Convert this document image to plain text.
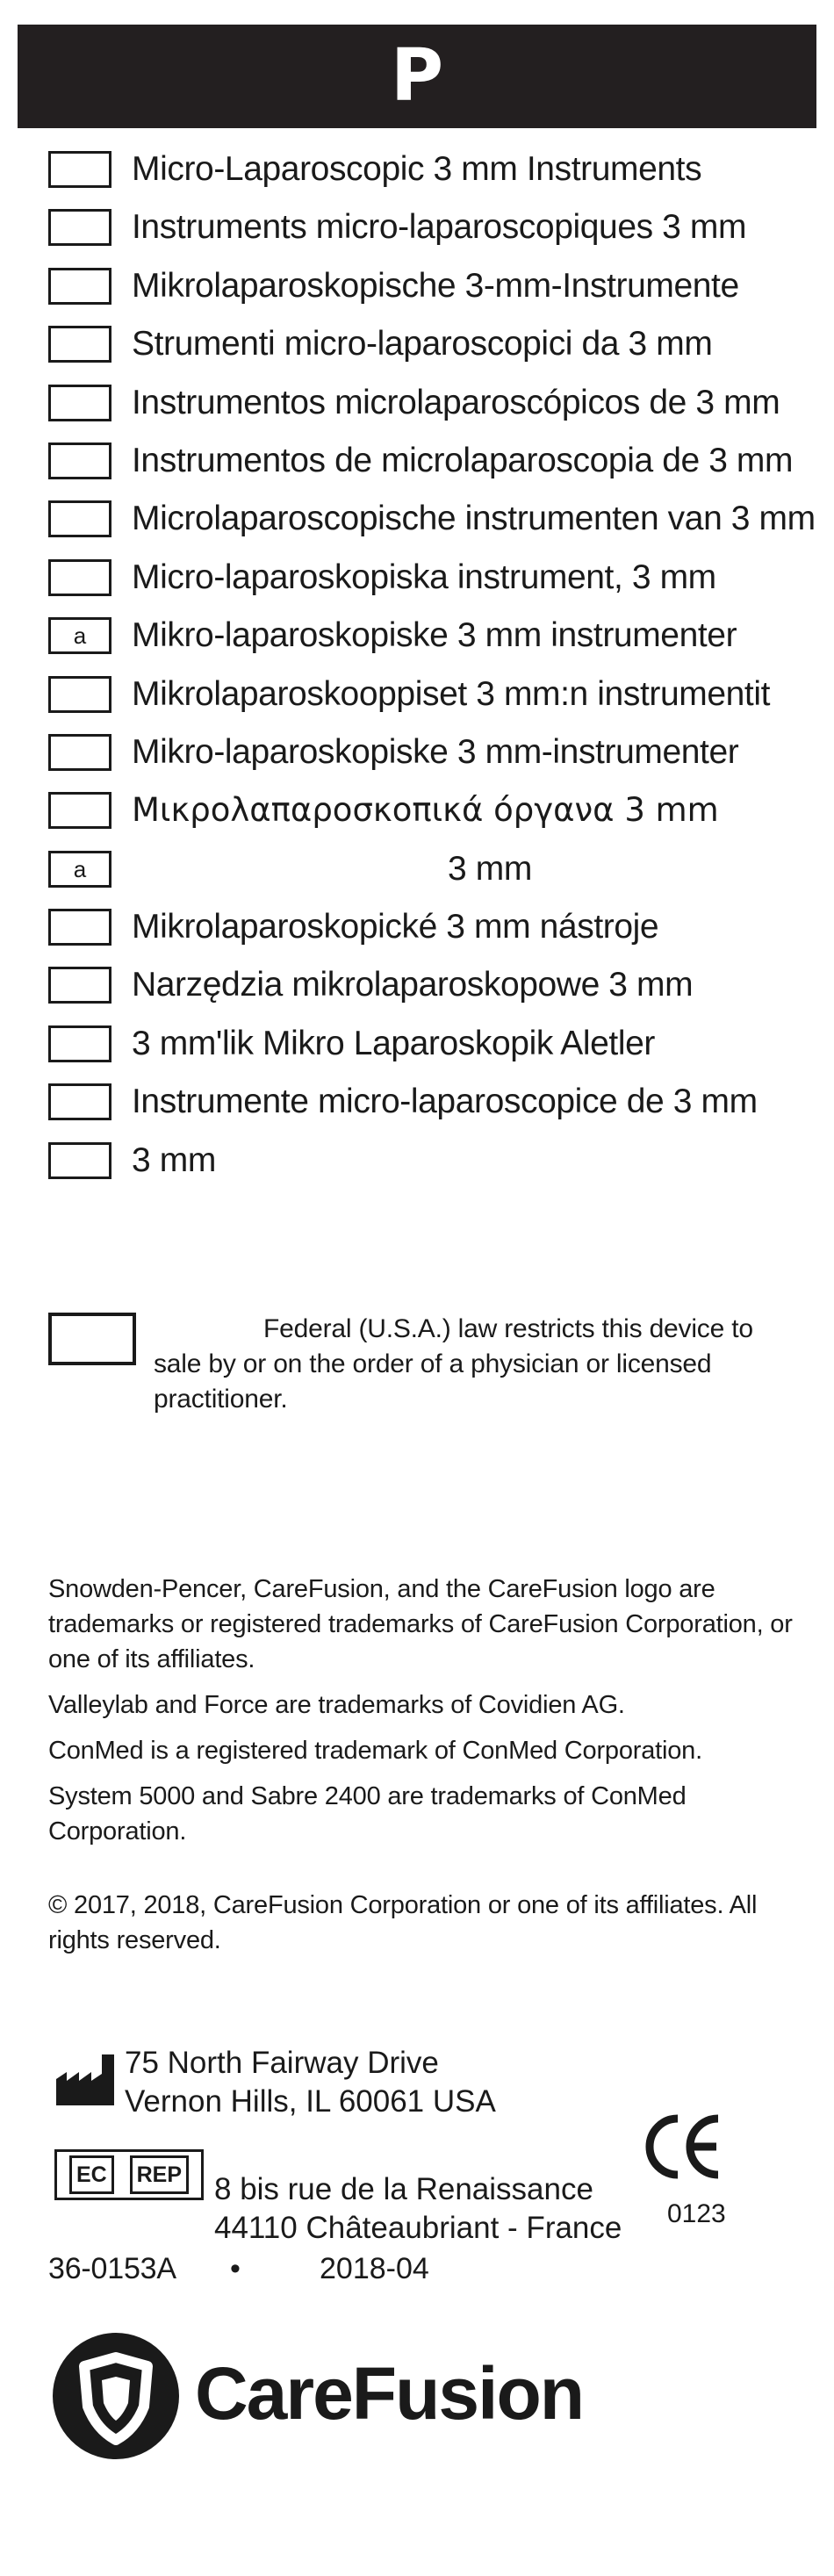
P
Micro-Laparoscopic 3 mm Instruments
Instruments micro-laparoscopiques 3 mm
Mikrolaparoskopische 3-mm-Instrumente
Strumenti micro-laparoscopici da 3 mm
Instrumentos microlaparoscópicos de 3 mm
Instrumentos de microlaparoscopia de 3 mm
Microlaparoscopische instrumenten van 3 mm
Micro-laparoskopiska instrument, 3 mm
a	Mikro-laparoskopiske 3 mm instrumenter
Mikrolaparoskooppiset 3 mm:n instrumentit
Mikro-laparoskopiske 3 mm-instrumenter
Μικρολαπαροσκοπικά όργανα 3 mm
a	3 mm
Mikrolaparoskopické 3 mm nástroje
Narzędzia mikrolaparoskopowe 3 mm
3 mm'lik Mikro Laparoskopik Aletler
Instrumente micro-laparoscopice de 3 mm
3 mm
Federal (U.S.A.) law restricts this device to sale by or on the order of a physician or licensed practitioner.

Snowden-Pencer, CareFusion, and the CareFusion logo are trademarks or registered trademarks of CareFusion Corporation, or one of its affiliates.

Valleylab and Force are trademarks of Covidien AG.

ConMed is a registered trademark of ConMed Corporation.

System 5000 and Sabre 2400 are trademarks of ConMed Corporation.

© 2017, 2018, CareFusion Corporation or one of its affiliates. All rights reserved.
75 North Fairway Drive
Vernon Hills, IL 60061 USA
EC	REP 8 bis rue de la Renaissance
44110 Châteaubriant - France 0123
36-0153A •	2018-04
CareFusion
